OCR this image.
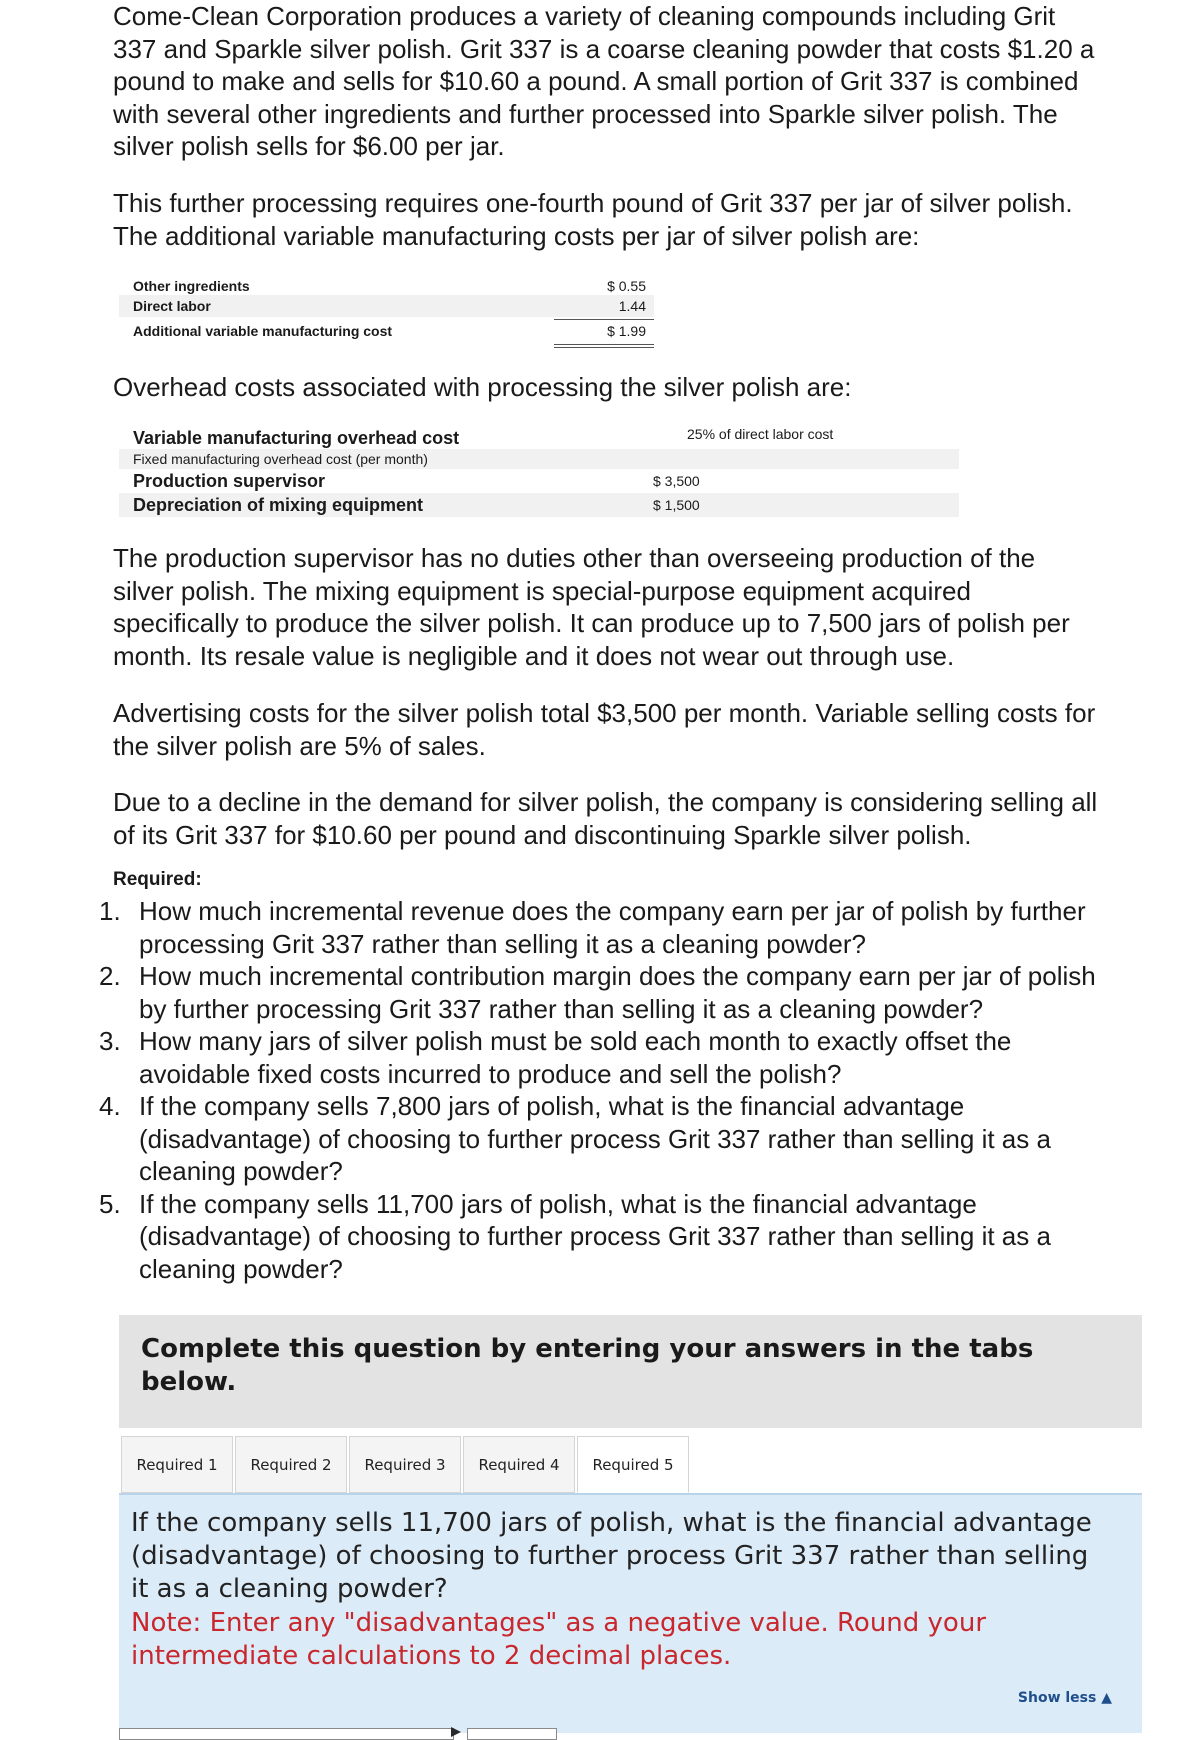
Come-Clean Corporation produces a variety of cleaning compounds including Grit
337 and Sparkle silver polish. Grit 337 is a coarse cleaning powder that costs $1.20 a
pound to make and sells for $10.60 a pound. A small portion of Grit 337 is combined
with several other ingredients and further processed into Sparkle silver polish. The
silver polish sells for $6.00 per jar.

This further processing requires one-fourth pound of Grit 337 per jar of silver polish.
The additional variable manufacturing costs per jar of silver polish are:

Other ingredients	$ 0.55
Direct labor	1.44
Additional variable manufacturing cost	$ 1.99

Overhead costs associated with processing the silver polish are:

Variable manufacturing overhead cost	25% of direct labor cost
Fixed manufacturing overhead cost (per month)
Production supervisor	$ 3,500
Depreciation of mixing equipment	$ 1,500

The production supervisor has no duties other than overseeing production of the
silver polish. The mixing equipment is special-purpose equipment acquired
specifically to produce the silver polish. It can produce up to 7,500 jars of polish per
month. Its resale value is negligible and it does not wear out through use.

Advertising costs for the silver polish total $3,500 per month. Variable selling costs for
the silver polish are 5% of sales.

Due to a decline in the demand for silver polish, the company is considering selling all
of its Grit 337 for $10.60 per pound and discontinuing Sparkle silver polish.

Required:
1. How much incremental revenue does the company earn per jar of polish by further
processing Grit 337 rather than selling it as a cleaning powder?
2. How much incremental contribution margin does the company earn per jar of polish
by further processing Grit 337 rather than selling it as a cleaning powder?
3. How many jars of silver polish must be sold each month to exactly offset the
avoidable fixed costs incurred to produce and sell the polish?
4. If the company sells 7,800 jars of polish, what is the financial advantage
(disadvantage) of choosing to further process Grit 337 rather than selling it as a
cleaning powder?
5. If the company sells 11,700 jars of polish, what is the financial advantage
(disadvantage) of choosing to further process Grit 337 rather than selling it as a
cleaning powder?
Complete this question by entering your answers in the tabs
below.
Required 1	Required 2	Required 3	Required 4	Required 5
If the company sells 11,700 jars of polish, what is the financial advantage
(disadvantage) of choosing to further process Grit 337 rather than selling
it as a cleaning powder?
Note: Enter any "disadvantages" as a negative value. Round your
intermediate calculations to 2 decimal places.
Show less ▲
